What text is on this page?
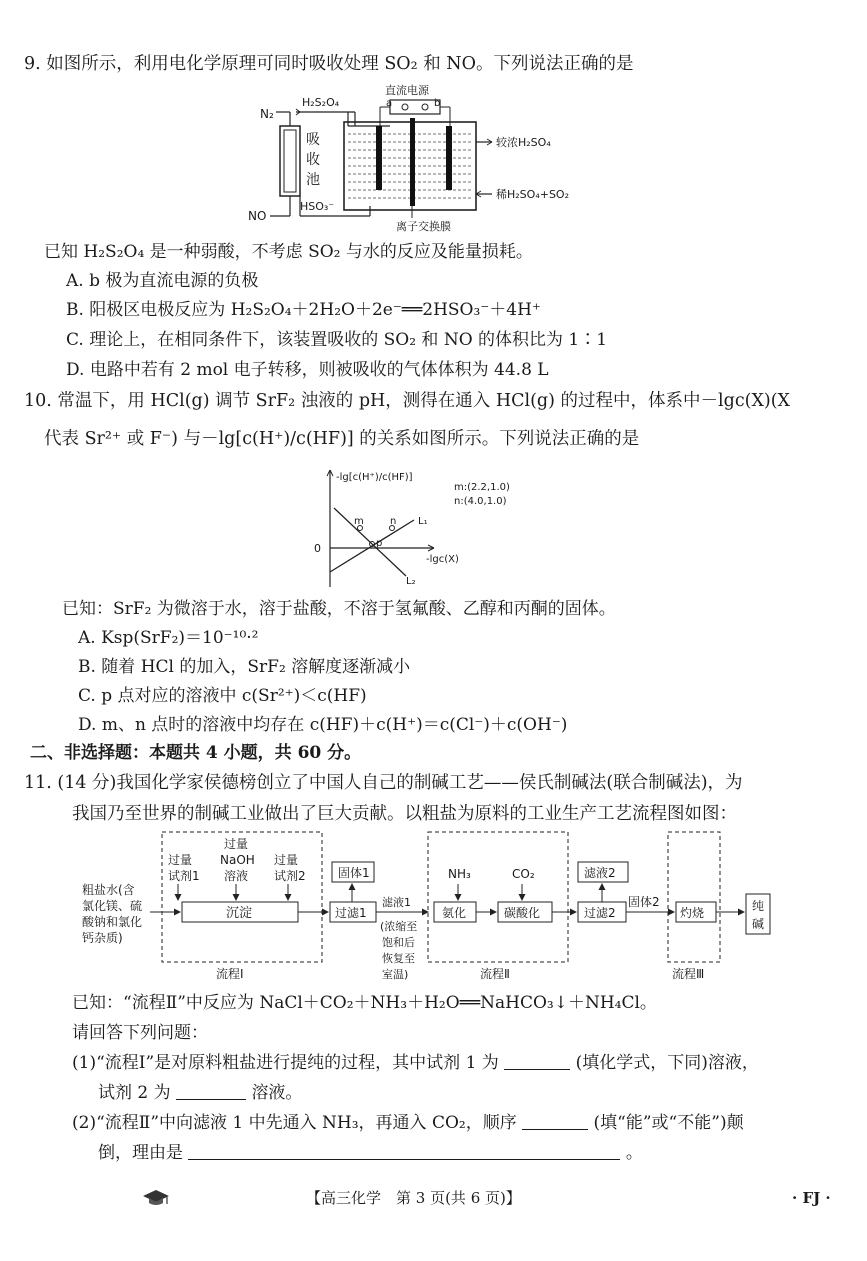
9. 如图所示，利用电化学原理可同时吸收处理 SO₂ 和 NO。下列说法正确的是
N₂
吸
收
池
NO
H₂S₂O₄
HSO₃⁻
直流电源
a	b
较浓H₂SO₄
稀H₂SO₄+SO₂
离子交换膜
已知 H₂S₂O₄ 是一种弱酸，不考虑 SO₂ 与水的反应及能量损耗。
A. b 极为直流电源的负极
B. 阳极区电极反应为 H₂S₂O₄＋2H₂O＋2e⁻══2HSO₃⁻＋4H⁺
C. 理论上，在相同条件下，该装置吸收的 SO₂ 和 NO 的体积比为 1∶1
D. 电路中若有 2 mol 电子转移，则被吸收的气体体积为 44.8 L
10. 常温下，用 HCl(g) 调节 SrF₂ 浊液的 pH，测得在通入 HCl(g) 的过程中，体系中－lgc(X)(X
代表 Sr²⁺ 或 F⁻) 与－lg[c(H⁺)/c(HF)] 的关系如图所示。下列说法正确的是
-lg[c(H⁺)/c(HF)]
-lgc(X)
0
L₁
L₂
m	n
p
m:(2.2,1.0)
n:(4.0,1.0)
已知：SrF₂ 为微溶于水，溶于盐酸，不溶于氢氟酸、乙醇和丙酮的固体。
A. Ksp(SrF₂)＝10⁻¹⁰·²
B. 随着 HCl 的加入，SrF₂ 溶解度逐渐减小
C. p 点对应的溶液中 c(Sr²⁺)＜c(HF)
D. m、n 点时的溶液中均存在 c(HF)＋c(H⁺)＝c(Cl⁻)＋c(OH⁻)
二、非选择题：本题共 4 小题，共 60 分。
11. (14 分)我国化学家侯德榜创立了中国人自己的制碱工艺——侯氏制碱法(联合制碱法)，为
我国乃至世界的制碱工业做出了巨大贡献。以粗盐为原料的工业生产工艺流程图如图：
粗盐水(含
氯化镁、硫
酸钠和氯化
钙杂质)
过量
试剂1
过量
NaOH
溶液
过量
试剂2
沉淀
流程Ⅰ
固体1
过滤1
滤液1
(浓缩至
饱和后
恢复至
室温)
NH₃	CO₂
氨化	碳酸化
流程Ⅱ
滤液2
过滤2
固体2
灼烧
流程Ⅲ
纯
碱
已知：“流程Ⅱ”中反应为 NaCl＋CO₂＋NH₃＋H₂O══NaHCO₃↓＋NH₄Cl。
请回答下列问题：
(1)“流程Ⅰ”是对原料粗盐进行提纯的过程，其中试剂 1 为	(填化学式，下同)溶液，
试剂 2 为	溶液。
(2)“流程Ⅱ”中向滤液 1 中先通入 NH₃，再通入 CO₂，顺序	(填“能”或“不能”)颠
倒，理由是	。
【高三化学　第 3 页(共 6 页)】	· FJ ·
